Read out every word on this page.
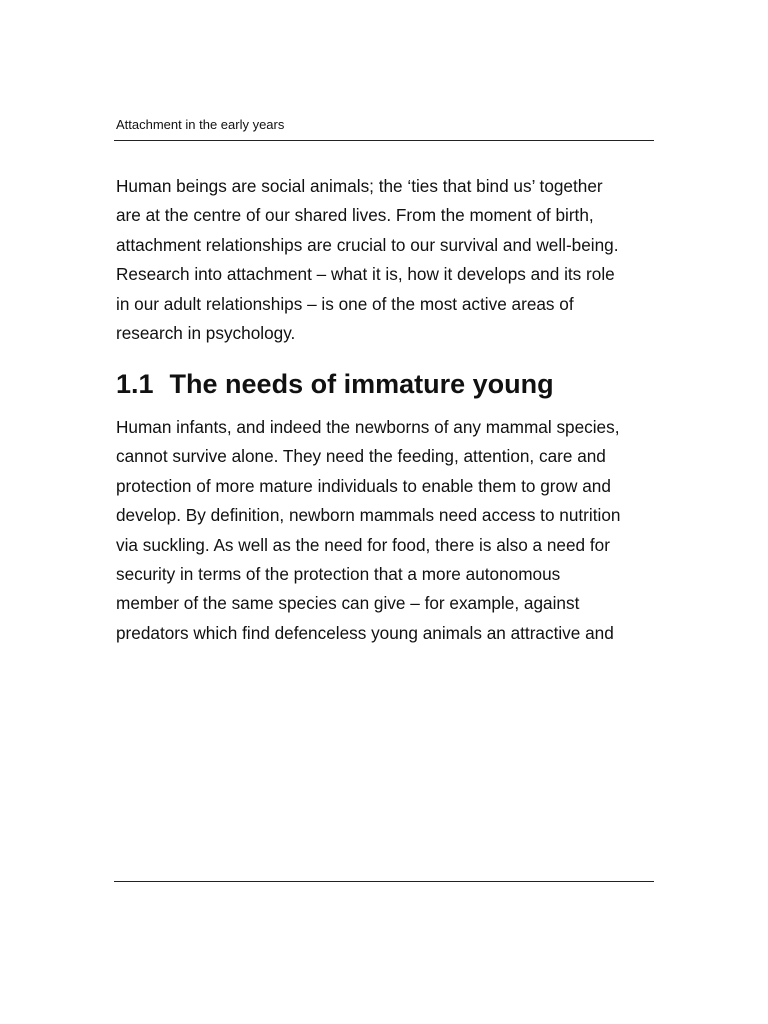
Attachment in the early years

Human beings are social animals; the ‘ties that bind us’ together
are at the centre of our shared lives. From the moment of birth,
attachment relationships are crucial to our survival and well-being.
Research into attachment – what it is, how it develops and its role
in our adult relationships – is one of the most active areas of
research in psychology.

1.1 The needs of immature young

Human infants, and indeed the newborns of any mammal species,
cannot survive alone. They need the feeding, attention, care and
protection of more mature individuals to enable them to grow and
develop. By definition, newborn mammals need access to nutrition
via suckling. As well as the need for food, there is also a need for
security in terms of the protection that a more autonomous
member of the same species can give – for example, against
predators which find defenceless young animals an attractive and
